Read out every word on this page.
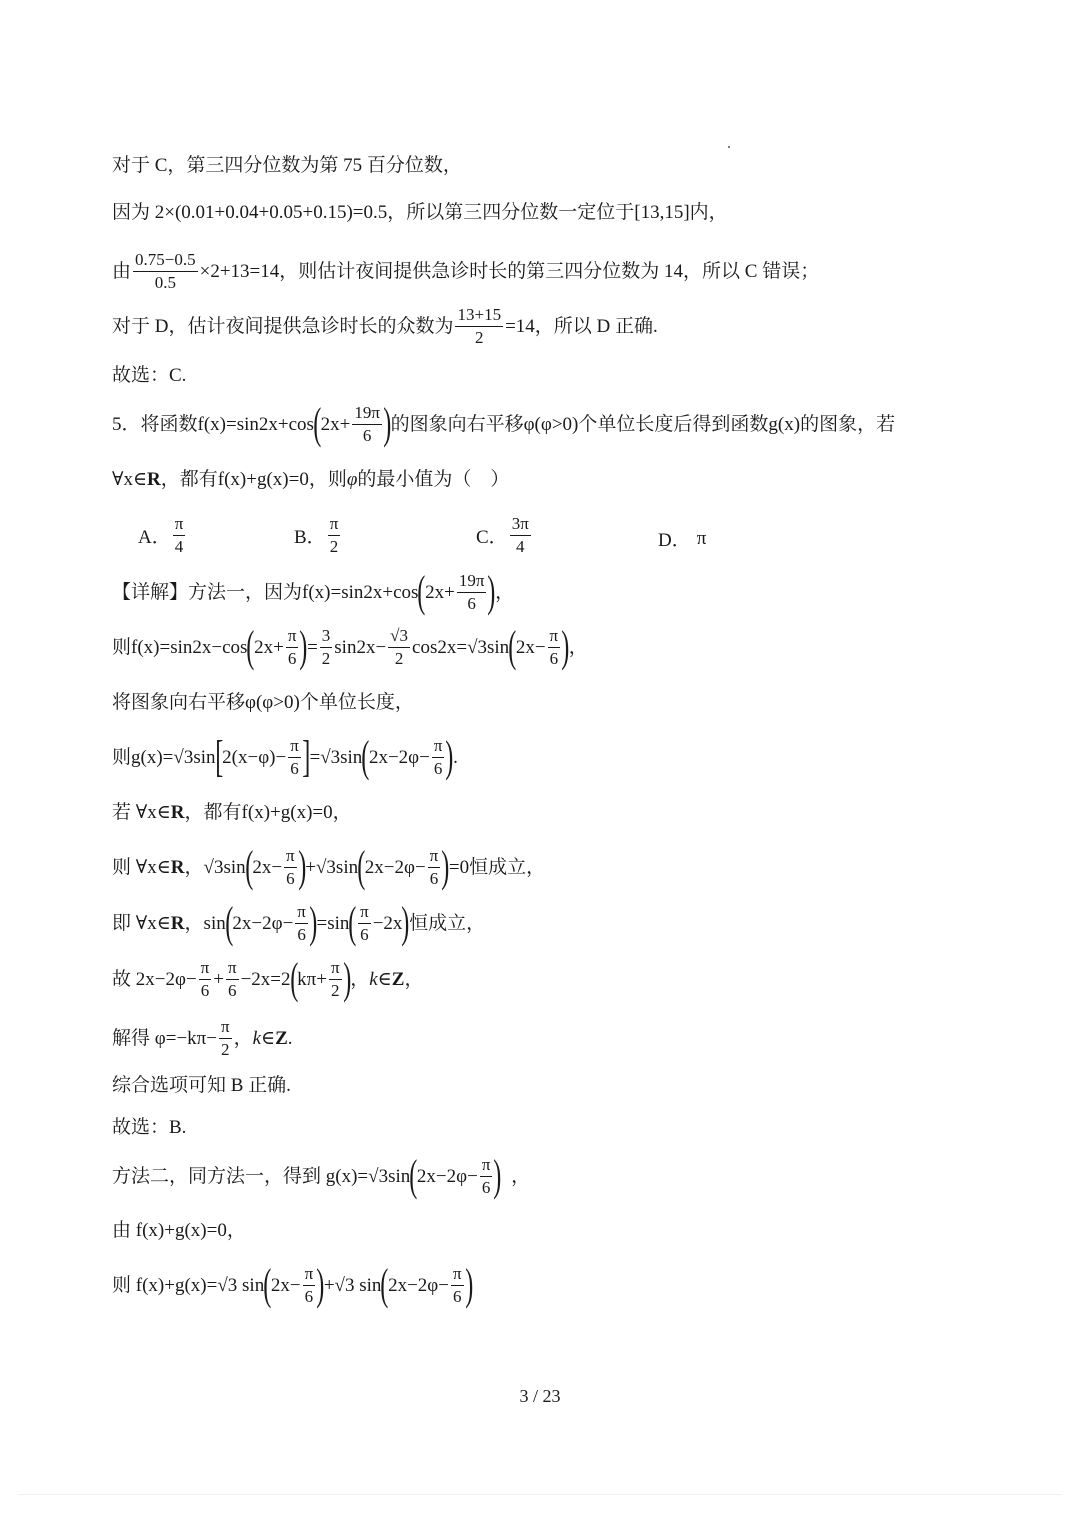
对于 C，第三四分位数为第 75 百分位数，
因为 2×(0.01+0.04+0.05+0.15)=0.5 ，所以第三四分位数一定位于 [13,15] 内，
由 $\frac{0.75-0.5}{0.5} \times 2+13=14$ ，则估计夜间提供急诊时长的第三四分位数为 14，所以 C 错误；
对于 D，估计夜间提供急诊时长的众数为 $\frac{13+15}{2} =14$ ，所以 D 正确.
故选：C.
5．将函数 f(x)=sin2x+cos ( $2x+ \frac{19\pi}{6}$ ) 的图象向右平移 φ(φ>0) 个单位长度后得到函数 g(x) 的图象，若
∀x∈ R ，都有 f(x)+g(x)=0 ，则 φ 的最小值为（　）
A． $\frac{\pi}{4}$	B． $\frac{\pi}{2}$	C． $\frac{3\pi}{4}$	D． π
【详解】方法一，因为 f(x)=sin2x+cos ( $2x+ \frac{19\pi}{6}$ ) ，
则 f(x)=sin2x−cos ( $2x+ \frac{\pi}{6}$ ) = $\frac{3}{2} \sin 2x- \frac{√3}{2} \cos 2x= √3\sin$ ( $2x- \frac{\pi}{6}$ ) ，
将图象向右平移 φ(φ>0) 个单位长度，
则 g(x)= √3sin [ $2(x-\varphi)- \frac{\pi}{6}$ ] = √3sin ( $2x-2\varphi- \frac{\pi}{6}$ ) .
若 ∀x∈ R ，都有 f(x)+g(x)=0 ，
则 ∀x∈ R ， √3sin ( $2x- \frac{\pi}{6}$ ) + √3sin ( $2x-2\varphi- \frac{\pi}{6}$ ) =0 恒成立，
即 ∀x∈ R ， sin ( $2x-2\varphi- \frac{\pi}{6}$ ) =sin ( $\frac{\pi}{6} -2x$ ) 恒成立，
故 $2x-2\varphi- \frac{\pi}{6} + \frac{\pi}{6} -2x=2$ ( $k\pi+ \frac{\pi}{2}$ ) ， k∈ Z ，
解得 $\varphi=-k\pi- \frac{\pi}{2}$ ， k∈ Z .
综合选项可知 B 正确.
故选：B.
方法二，同方法一，得到 g(x)= √3sin ( $2x-2\varphi- \frac{\pi}{6}$ ) ，
由 f(x)+g(x)=0 ，
则 f(x)+g(x)= √3 sin ( $2x- \frac{\pi}{6}$ ) + √3 sin ( $2x-2\varphi- \frac{\pi}{6}$ )
3 / 23
